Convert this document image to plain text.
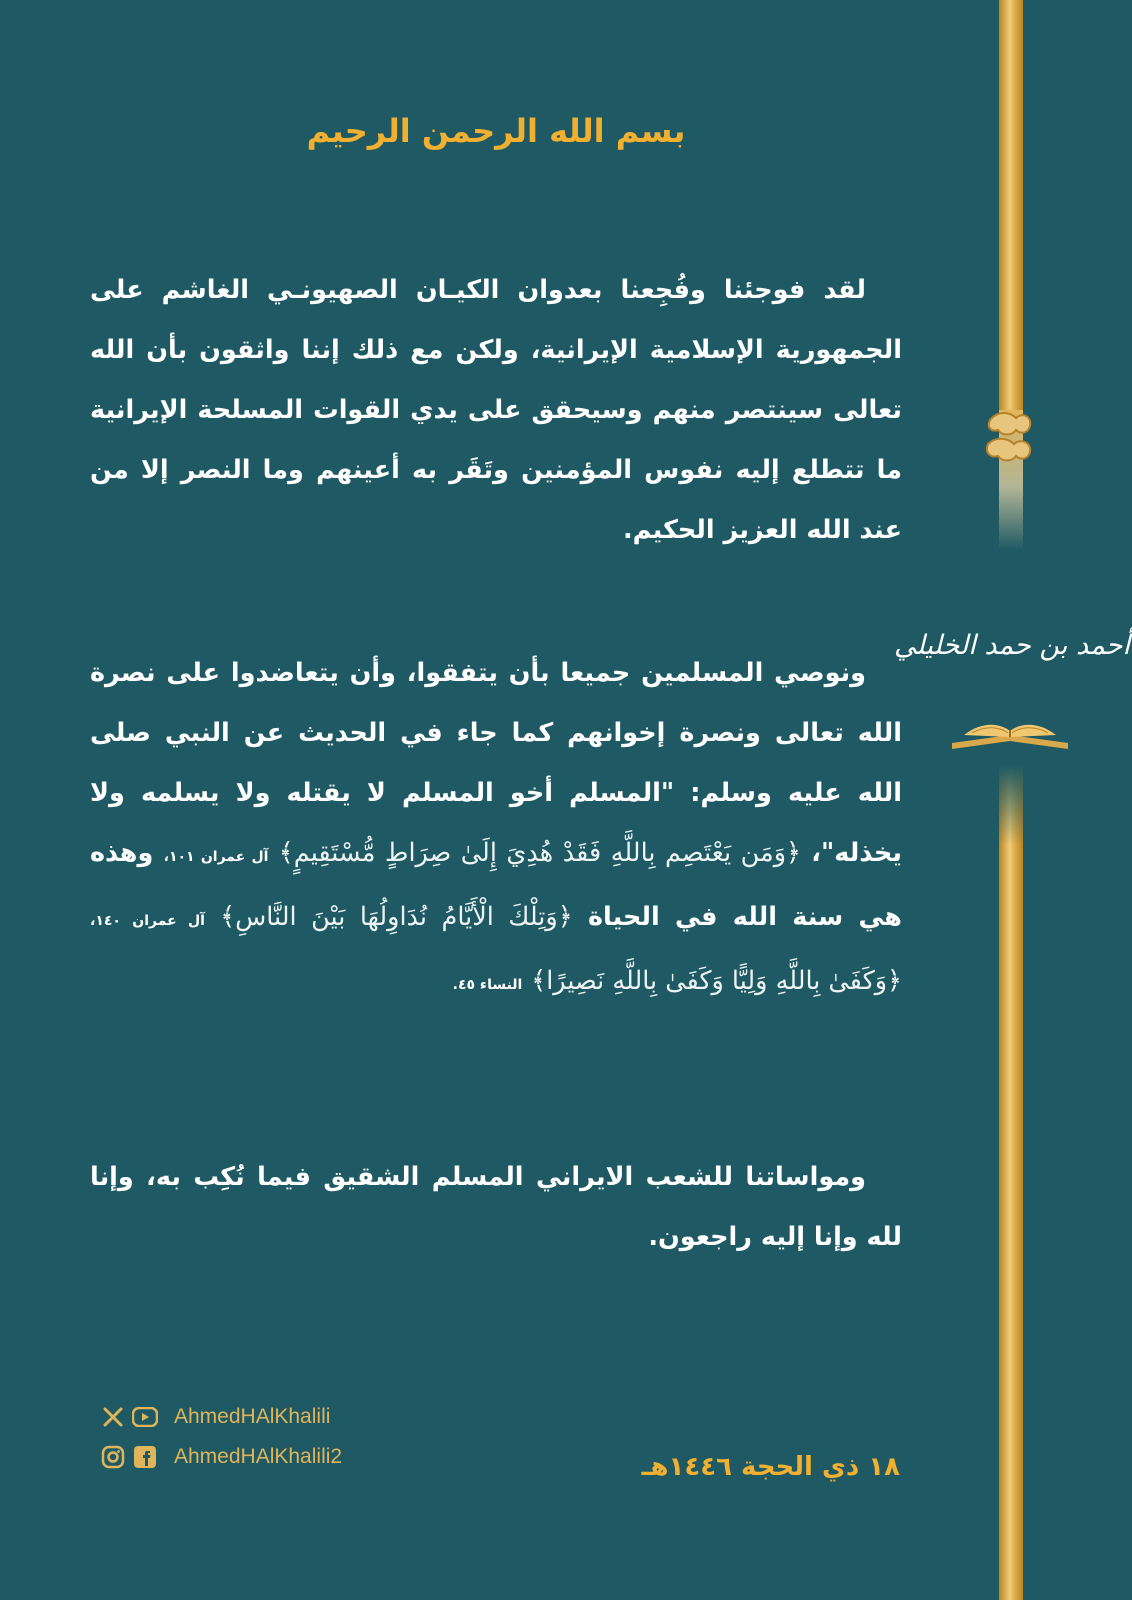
أحمد بن حمد الخليلي
بسم الله الرحمن الرحيم
لقد فوجئنا وفُجِعنا بعدوان الكيـان الصهيونـي الغاشم على الجمهورية الإسلامية الإيرانية، ولكن مع ذلك إننا واثقون بأن الله تعالى سينتصر منهم وسيحقق على يدي القوات المسلحة الإيرانية ما تتطلع إليه نفوس المؤمنين وتَقَر به أعينهم وما النصر إلا من عند الله العزيز الحكيم.
ونوصي المسلمين جميعا بأن يتفقوا، وأن يتعاضدوا على نصرة الله تعالى ونصرة إخوانهم كما جاء في الحديث عن النبي صلى الله عليه وسلم: "المسلم أخو المسلم لا يقتله ولا يسلمه ولا يخذله"، ﴿وَمَن يَعْتَصِم بِاللَّهِ فَقَدْ هُدِيَ إِلَىٰ صِرَاطٍ مُّسْتَقِيمٍ﴾ آل عمران ١٠١، وهذه هي سنة الله في الحياة ﴿وَتِلْكَ الْأَيَّامُ نُدَاوِلُهَا بَيْنَ النَّاسِ﴾ آل عمران ١٤٠، ﴿وَكَفَىٰ بِاللَّهِ وَلِيًّا وَكَفَىٰ بِاللَّهِ نَصِيرًا﴾ النساء ٤٥.
ومواساتنا للشعب الايراني المسلم الشقيق فيما نُكِب به، وإنا لله وإنا إليه راجعون.
AhmedHAlKhalili
AhmedHAlKhalili2	١٨ ذي الحجة ١٤٤٦هـ
